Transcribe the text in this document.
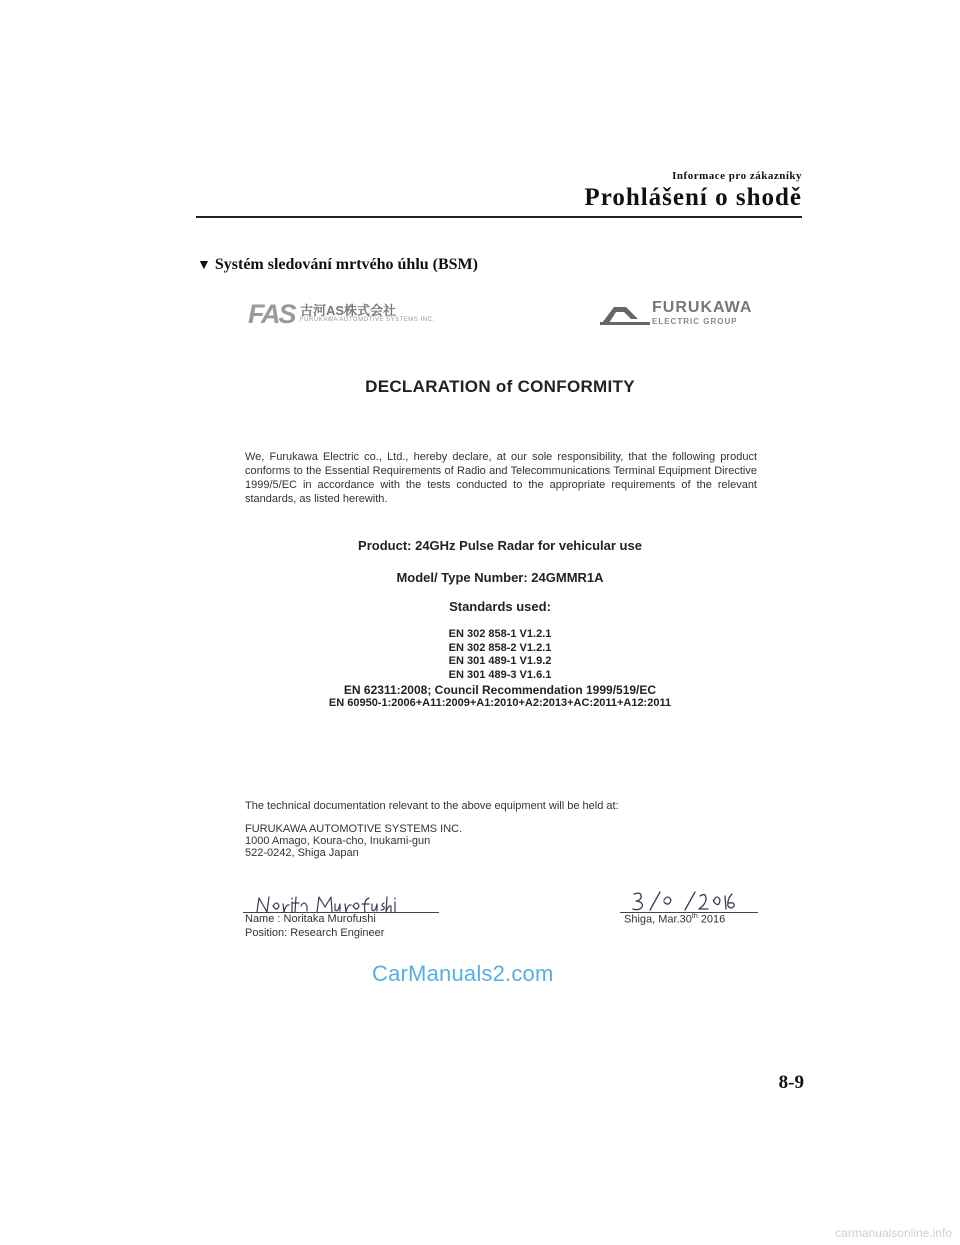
Informace pro zákazníky
Prohlášení o shodě
▼ Systém sledování mrtvého úhlu (BSM)
FAS 古河AS株式会社
FURUKAWA AUTOMOTIVE SYSTEMS INC.
FURUKAWA
ELECTRIC GROUP
DECLARATION of CONFORMITY
We, Furukawa Electric co., Ltd., hereby declare, at our sole responsibility, that the following product conforms to the Essential Requirements of Radio and Telecommunications Terminal Equipment Directive 1999/5/EC in accordance with the tests conducted to the appropriate requirements of the relevant standards, as listed herewith.
Product: 24GHz Pulse Radar for vehicular use
Model/ Type Number: 24GMMR1A
Standards used:
EN 302 858-1 V1.2.1
EN 302 858-2 V1.2.1
EN 301 489-1 V1.9.2
EN 301 489-3 V1.6.1
EN 62311:2008; Council Recommendation 1999/519/EC
EN 60950-1:2006+A11:2009+A1:2010+A2:2013+AC:2011+A12:2011
The technical documentation relevant to the above equipment will be held at:
FURUKAWA AUTOMOTIVE SYSTEMS INC.
1000 Amago, Koura-cho, Inukami-gun
522-0242, Shiga Japan
Name : Noritaka Murofushi
Position: Research Engineer
Shiga, Mar.30th 2016
CarManuals2.com
8-9
carmanualsonline.info
